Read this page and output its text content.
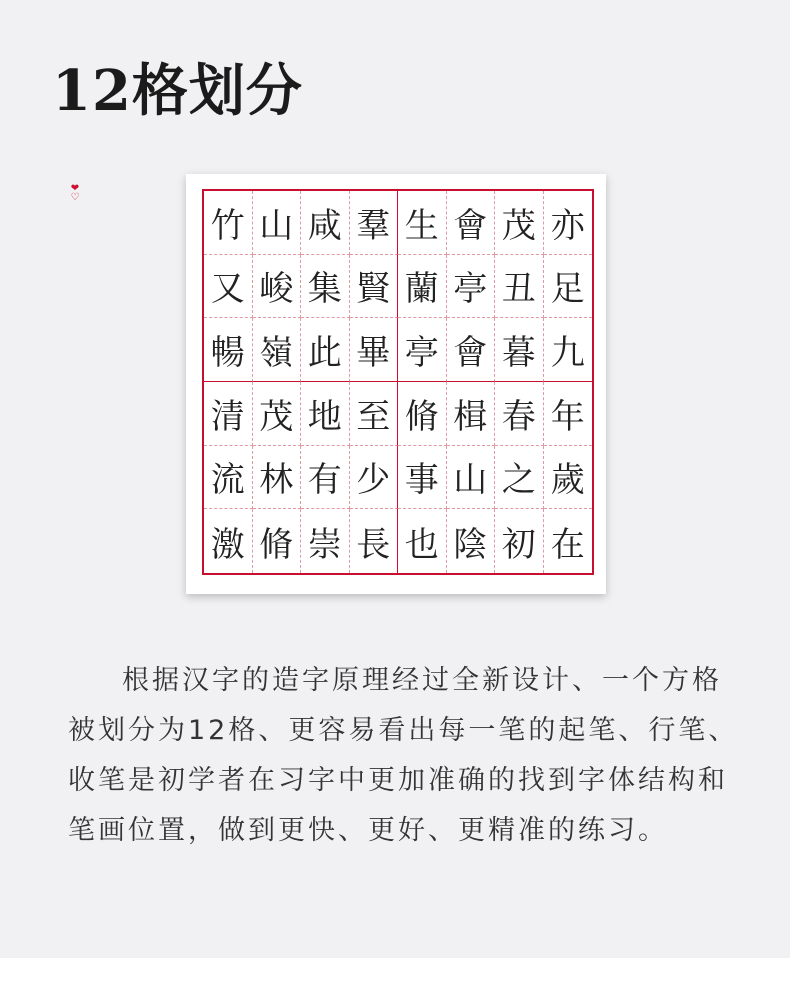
12格划分
❤
♡
竹 山 咸 羣 生 會 茂 亦
又 峻 集 賢 蘭 亭 丑 足
暢 嶺 此 畢 亭 會 暮 九
清 茂 地 至 脩 楫 春 年
流 林 有 少 事 山 之 歲
激 脩 崇 長 也 陰 初 在

根据汉字的造字原理经过全新设计、一个方格被划分为12格、更容易看出每一笔的起笔、行笔、收笔是初学者在习字中更加准确的找到字体结构和笔画位置，做到更快、更好、更精准的练习。
